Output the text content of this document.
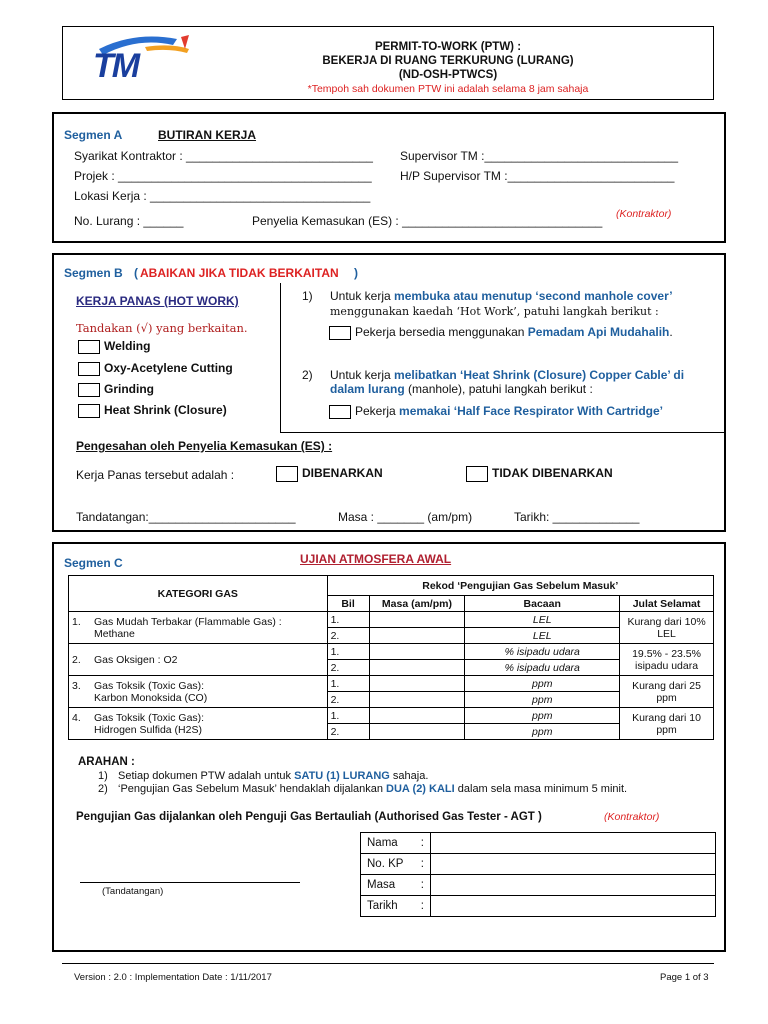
TM	PERMIT-TO-WORK (PTW) :
BEKERJA DI RUANG TERKURUNG (LURANG)
(ND-OSH-PTWCS)
*Tempoh sah dokumen PTW ini adalah selama 8 jam sahaja
Segmen A	BUTIRAN KERJA
Syarikat Kontraktor : ____________________________ Supervisor TM :_____________________________
Projek : ______________________________________ H/P Supervisor TM :_________________________
Lokasi Kerja : _________________________________
No. Lurang : ______	Penyelia Kemasukan (ES) : ______________________________ (Kontraktor)
Segmen B ( ABAIKAN JIKA TIDAK BERKAITAN )
KERJA PANAS (HOT WORK)
Tandakan (√) yang berkaitan.
Welding
Oxy-Acetylene Cutting
Grinding
Heat Shrink (Closure)
1) Untuk kerja membuka atau menutup ‘second manhole cover’ menggunakan kaedah ‘Hot Work’, patuhi langkah berikut :
Pekerja bersedia menggunakan Pemadam Api Mudahalih.
2) Untuk kerja melibatkan ‘Heat Shrink (Closure) Copper Cable’ di dalam lurang (manhole), patuhi langkah berikut :
Pekerja memakai ‘Half Face Respirator With Cartridge’
Pengesahan oleh Penyelia Kemasukan (ES) :
Kerja Panas tersebut adalah :	DIBENARKAN	TIDAK DIBENARKAN
Tandatangan:______________________	Masa : _______ (am/pm)	Tarikh: _____________
Segmen C	UJIAN ATMOSFERA AWAL
KATEGORI GAS	Rekod ‘Pengujian Gas Sebelum Masuk’			
	Bil	Masa (am/pm)	Bacaan	Julat Selamat

1. Gas Mudah Terbakar (Flammable Gas) :
Methane	1.		LEL	Kurang dari 10% LEL
	2.		LEL	

2. Gas Oksigen : O2	1.		% isipadu udara	19.5% - 23.5% isipadu udara
	2.		% isipadu udara	

3. Gas Toksik (Toxic Gas):
Karbon Monoksida (CO)	1.		ppm	Kurang dari 25 ppm
	2.		ppm	

4. Gas Toksik (Toxic Gas):
Hidrogen Sulfida (H2S)	1.		ppm	Kurang dari 10 ppm
	2.		ppm	
ARAHAN :
1) Setiap dokumen PTW adalah untuk SATU (1) LURANG sahaja.
2) ‘Pengujian Gas Sebelum Masuk’ hendaklah dijalankan DUA (2) KALI dalam sela masa minimum 5 minit.
Pengujian Gas dijalankan oleh Penguji Gas Bertauliah (Authorised Gas Tester - AGT )	(Kontraktor)
(Tandatangan)
Nama :	

No. KP :	

Masa :	

Tarikh :	

Version : 2.0 : Implementation Date : 1/11/2017	Page 1 of 3
